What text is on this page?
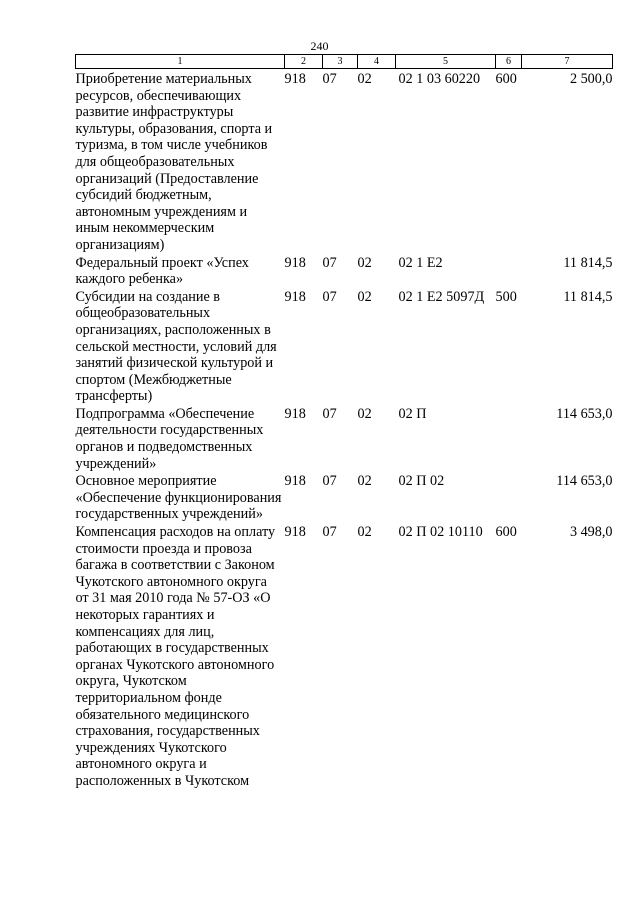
240
1	2	3	4	5	6	7
Приобретение материальных ресурсов, обеспечивающих развитие инфраструктуры культуры, образования, спорта и туризма, в том числе учебников для общеобразовательных организаций (Предоставление субсидий бюджетным, автономным учреждениям и иным некоммерческим организациям)	918	07	02	02 1 03 60220	600	2 500,0
Федеральный проект «Успех каждого ребенка»	918	07	02	02 1 E2		11 814,5
Субсидии на создание в общеобразовательных организациях, расположенных в сельской местности, условий для занятий физической культурой и спортом (Межбюджетные трансферты)	918	07	02	02 1 E2 5097Д	500	11 814,5
Подпрограмма «Обеспечение деятельности государственных органов и подведомственных учреждений»	918	07	02	02 П		114 653,0
Основное мероприятие «Обеспечение функционирования государственных учреждений»	918	07	02	02 П 02		114 653,0
Компенсация расходов на оплату стоимости проезда и провоза багажа в соответствии с Законом Чукотского автономного округа от 31 мая 2010 года № 57-ОЗ «О некоторых гарантиях и компенсациях для лиц, работающих в государственных органах Чукотского автономного округа, Чукотском территориальном фонде обязательного медицинского страхования, государственных учреждениях Чукотского автономного округа и расположенных в Чукотском	918	07	02	02 П 02 10110	600	3 498,0
